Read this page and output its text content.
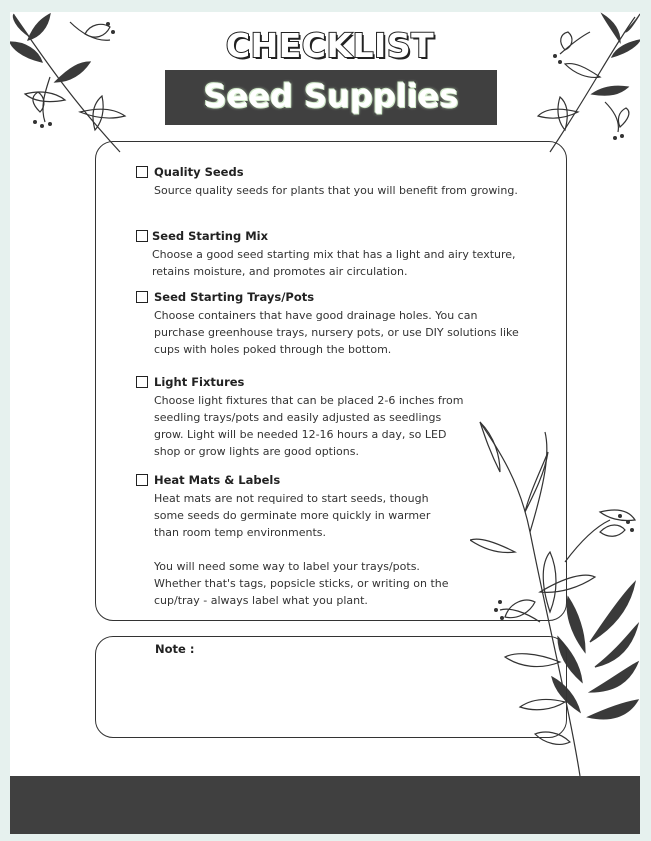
CHECKLIST
Seed Supplies
Quality Seeds

Source quality seeds for plants that you will benefit from growing.

Seed Starting Mix

Choose a good seed starting mix that has a light and airy texture, retains moisture, and promotes air circulation.

Seed Starting Trays/Pots

Choose containers that have good drainage holes. You can purchase greenhouse trays, nursery pots, or use DIY solutions like cups with holes poked through the bottom.

Light Fixtures

Choose light fixtures that can be placed 2-6 inches from seedling trays/pots and easily adjusted as seedlings grow. Light will be needed 12-16 hours a day, so LED shop or grow lights are good options.

Heat Mats & Labels

Heat mats are not required to start seeds, though some seeds do germinate more quickly in warmer than room temp environments.

You will need some way to label your trays/pots. Whether that's tags, popsicle sticks, or writing on the cup/tray - always label what you plant.

Note :
